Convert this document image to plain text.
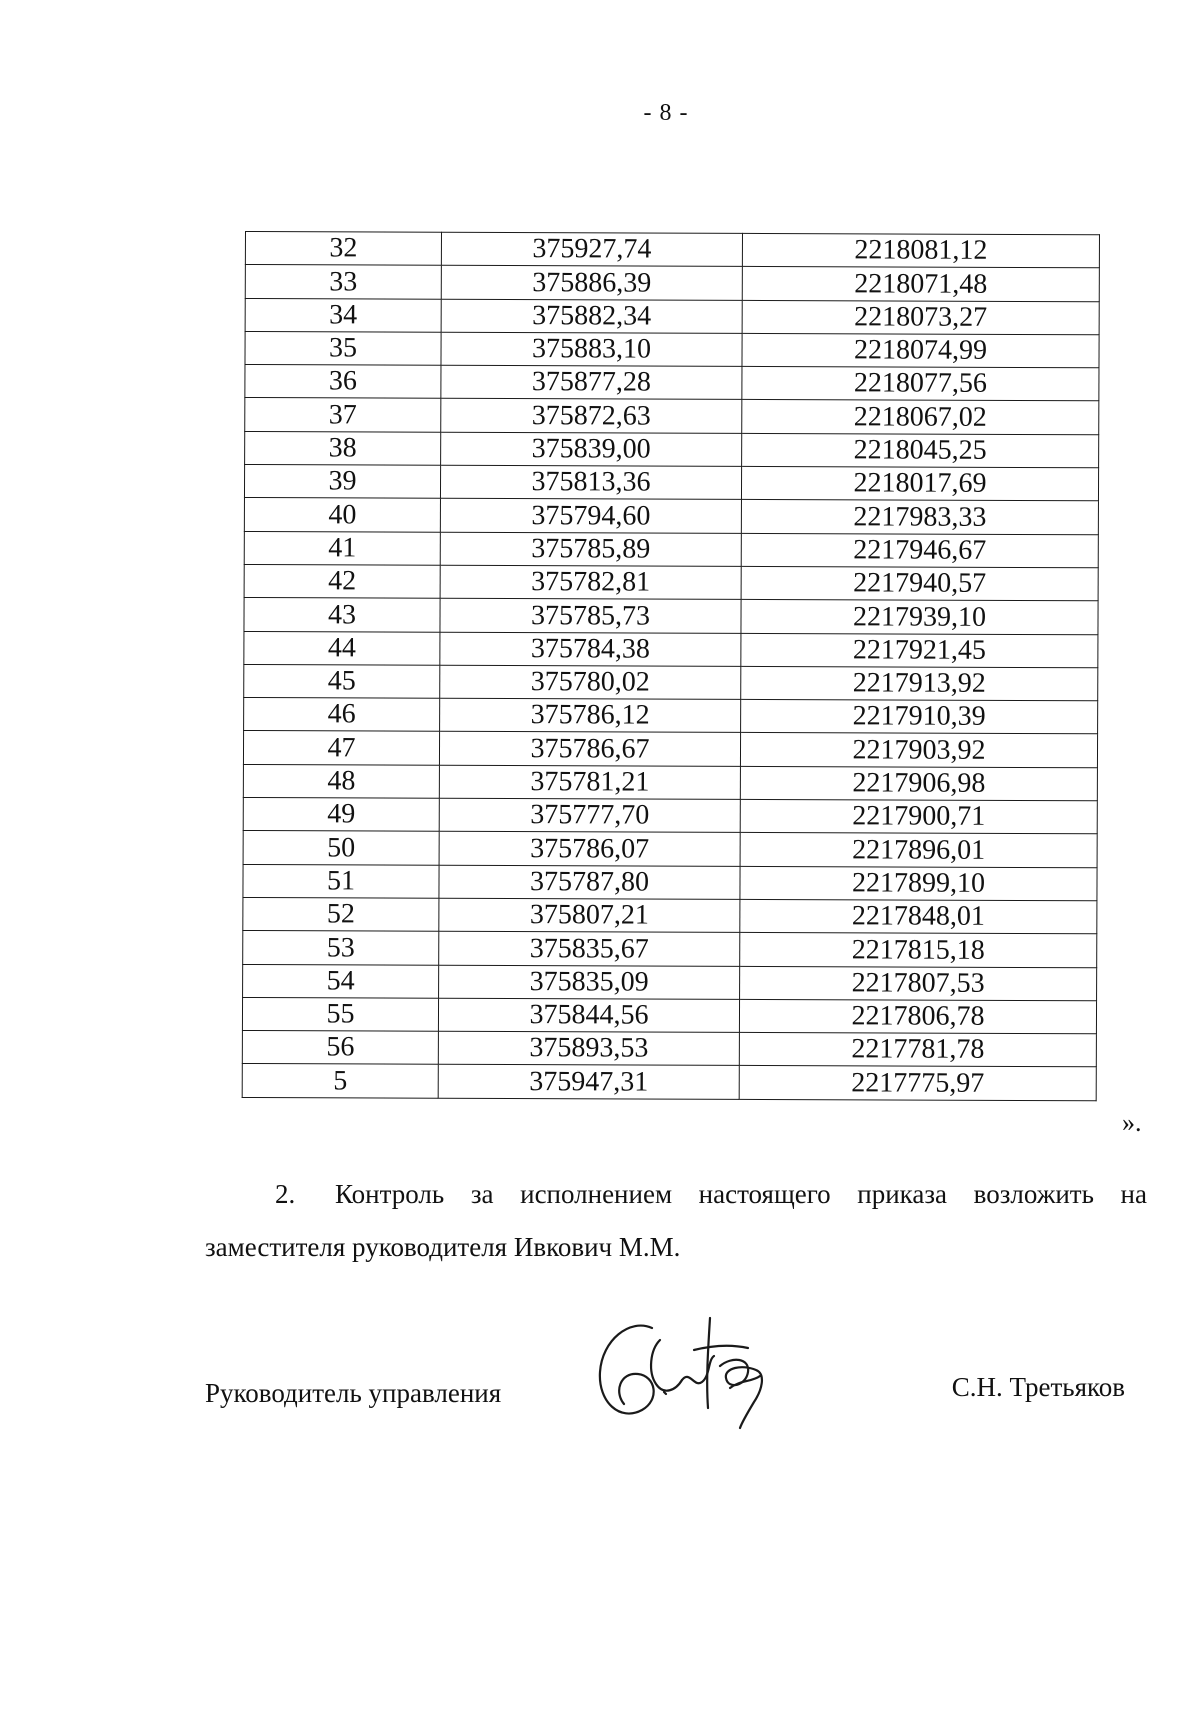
- 8 -
32	375927,74	2218081,12
33	375886,39	2218071,48
34	375882,34	2218073,27
35	375883,10	2218074,99
36	375877,28	2218077,56
37	375872,63	2218067,02
38	375839,00	2218045,25
39	375813,36	2218017,69
40	375794,60	2217983,33
41	375785,89	2217946,67
42	375782,81	2217940,57
43	375785,73	2217939,10
44	375784,38	2217921,45
45	375780,02	2217913,92
46	375786,12	2217910,39
47	375786,67	2217903,92
48	375781,21	2217906,98
49	375777,70	2217900,71
50	375786,07	2217896,01
51	375787,80	2217899,10
52	375807,21	2217848,01
53	375835,67	2217815,18
54	375835,09	2217807,53
55	375844,56	2217806,78
56	375893,53	2217781,78
5	375947,31	2217775,97
».
2. Контроль за исполнением настоящего приказа возложить на
заместителя руководителя Ивкович М.М.
Руководитель управления	С.Н. Третьяков
